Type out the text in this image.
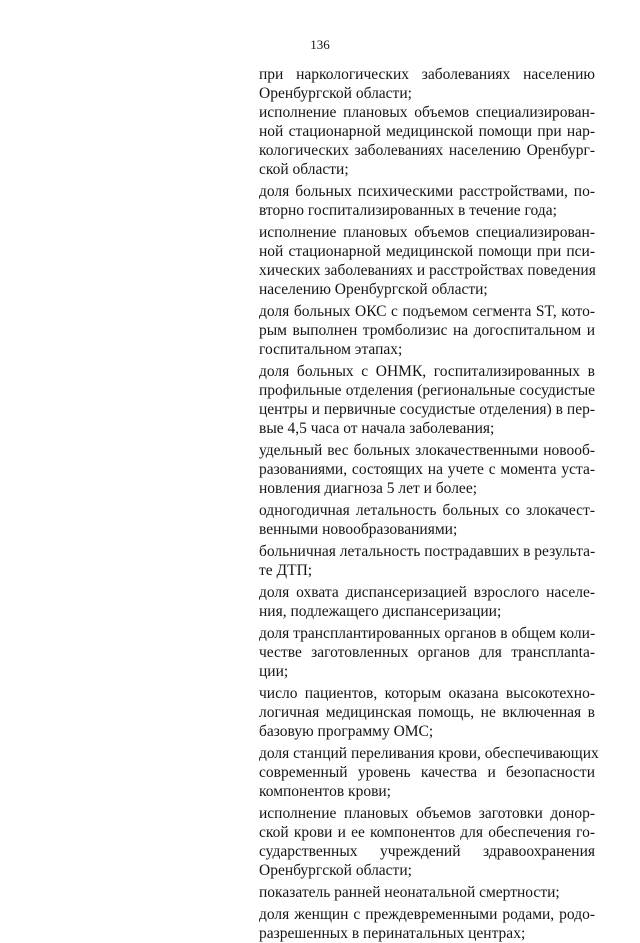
136
при наркологических заболеваниях населению
Оренбургской области;
исполнение плановых объемов специализирован-
ной стационарной медицинской помощи при нар-
кологических заболеваниях населению Оренбург-
ской области;
доля больных психическими расстройствами, по-
вторно госпитализированных в течение года;
исполнение плановых объемов специализирован-
ной стационарной медицинской помощи при пси-
хических заболеваниях и расстройствах поведения
населению Оренбургской области;
доля больных ОКС с подъемом сегмента ST, кото-
рым выполнен тромболизис на догоспитальном и
госпитальном этапах;
доля больных с ОНМК, госпитализированных в
профильные отделения (региональные сосудистые
центры и первичные сосудистые отделения) в пер-
вые 4,5 часа от начала заболевания;
удельный вес больных злокачественными новооб-
разованиями, состоящих на учете с момента уста-
новления диагноза 5 лет и более;
одногодичная летальность больных со злокачест-
венными новообразованиями;
больничная летальность пострадавших в результа-
те ДТП;
доля охвата диспансеризацией взрослого населе-
ния, подлежащего диспансеризации;
доля трансплантированных органов в общем коли-
честве заготовленных органов для трансплanta-
ции;
число пациентов, которым оказана высокотехно-
логичная медицинская помощь, не включенная в
базовую программу ОМС;
доля станций переливания крови, обеспечивающих
современный уровень качества и безопасности
компонентов крови;
исполнение плановых объемов заготовки донор-
ской крови и ее компонентов для обеспечения го-
сударственных учреждений здравоохранения
Оренбургской области;
показатель ранней неонатальной смертности;
доля женщин с преждевременными родами, родо-
разрешенных в перинатальных центрах;
